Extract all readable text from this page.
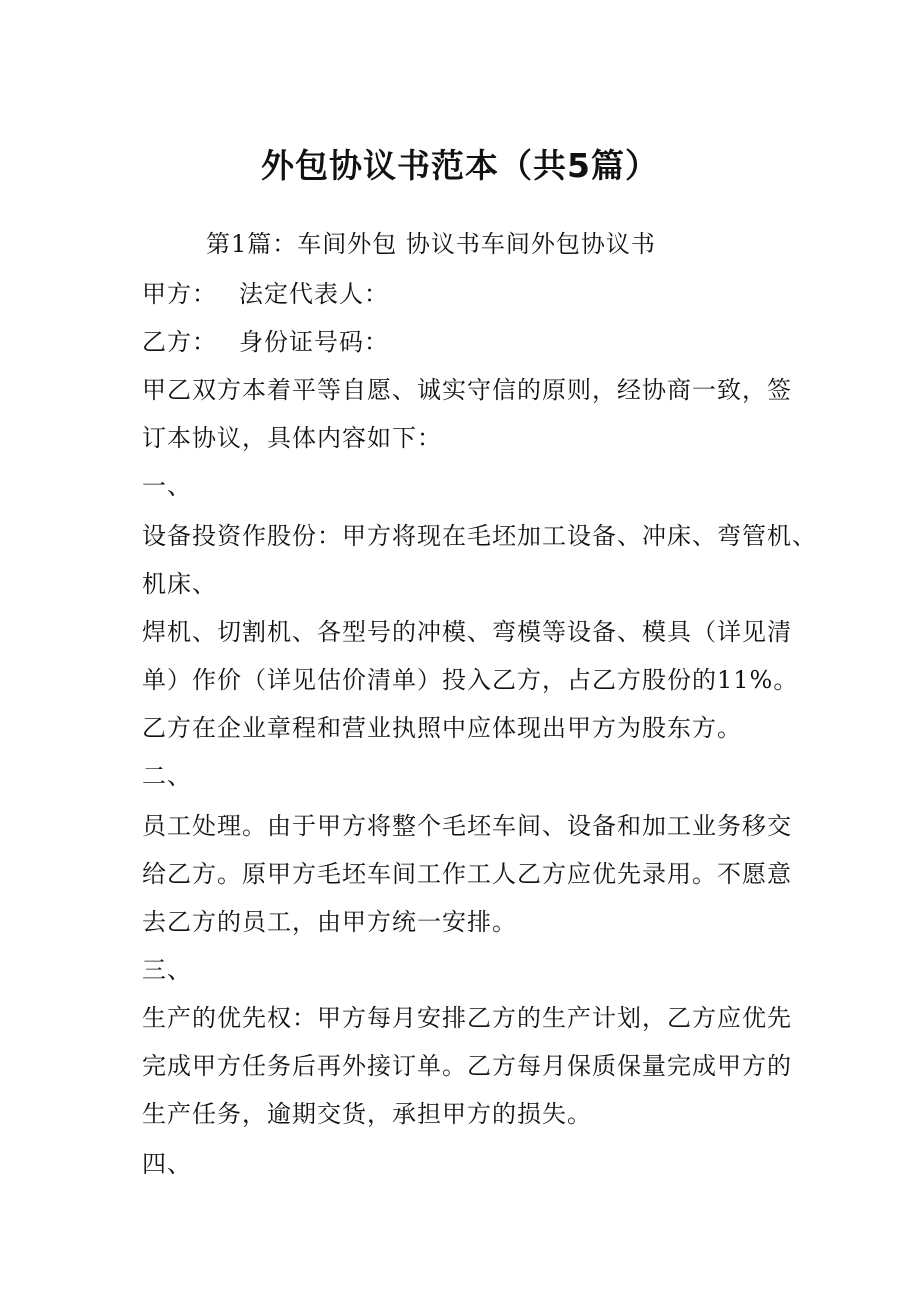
外包协议书范本（共5篇）
第1篇：车间外包 协议书车间外包协议书
甲方： 法定代表人：
乙方： 身份证号码：
甲乙双方本着平等自愿、诚实守信的原则，经协商一致，签
订本协议，具体内容如下：
一、
设备投资作股份：甲方将现在毛坯加工设备、冲床、弯管机、
机床、
焊机、切割机、各型号的冲模、弯模等设备、模具（详见清
单）作价（详见估价清单）投入乙方，占乙方股份的11%。
乙方在企业章程和营业执照中应体现出甲方为股东方。
二、
员工处理。由于甲方将整个毛坯车间、设备和加工业务移交
给乙方。原甲方毛坯车间工作工人乙方应优先录用。不愿意
去乙方的员工，由甲方统一安排。
三、
生产的优先权：甲方每月安排乙方的生产计划，乙方应优先
完成甲方任务后再外接订单。乙方每月保质保量完成甲方的
生产任务，逾期交货，承担甲方的损失。
四、
